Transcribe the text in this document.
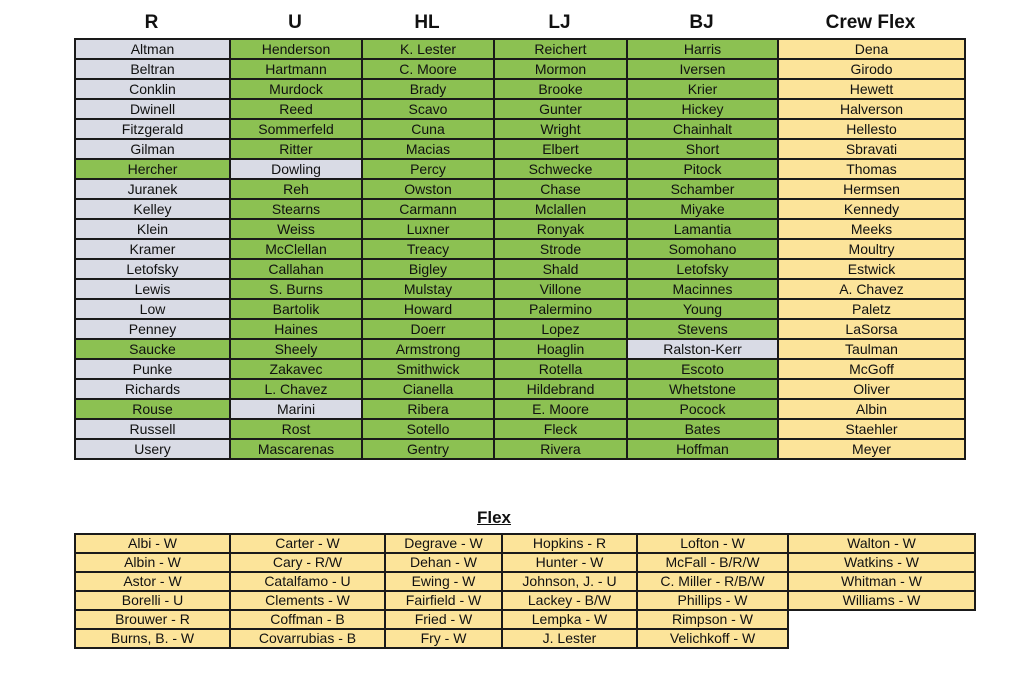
R	U	HL	LJ	BJ	Crew Flex
Altman	Henderson	K. Lester	Reichert	Harris	Dena
Beltran	Hartmann	C. Moore	Mormon	Iversen	Girodo
Conklin	Murdock	Brady	Brooke	Krier	Hewett
Dwinell	Reed	Scavo	Gunter	Hickey	Halverson
Fitzgerald	Sommerfeld	Cuna	Wright	Chainhalt	Hellesto
Gilman	Ritter	Macias	Elbert	Short	Sbravati
Hercher	Dowling	Percy	Schwecke	Pitock	Thomas
Juranek	Reh	Owston	Chase	Schamber	Hermsen
Kelley	Stearns	Carmann	Mclallen	Miyake	Kennedy
Klein	Weiss	Luxner	Ronyak	Lamantia	Meeks
Kramer	McClellan	Treacy	Strode	Somohano	Moultry
Letofsky	Callahan	Bigley	Shald	Letofsky	Estwick
Lewis	S. Burns	Mulstay	Villone	Macinnes	A. Chavez
Low	Bartolik	Howard	Palermino	Young	Paletz
Penney	Haines	Doerr	Lopez	Stevens	LaSorsa
Saucke	Sheely	Armstrong	Hoaglin	Ralston-Kerr	Taulman
Punke	Zakavec	Smithwick	Rotella	Escoto	McGoff
Richards	L. Chavez	Cianella	Hildebrand	Whetstone	Oliver
Rouse	Marini	Ribera	E. Moore	Pocock	Albin
Russell	Rost	Sotello	Fleck	Bates	Staehler
Usery	Mascarenas	Gentry	Rivera	Hoffman	Meyer
Flex
Albi - W	Carter - W	Degrave - W	Hopkins - R	Lofton - W	Walton - W
Albin - W	Cary - R/W	Dehan - W	Hunter - W	McFall - B/R/W	Watkins - W
Astor - W	Catalfamo - U	Ewing - W	Johnson, J. - U	C. Miller - R/B/W	Whitman - W
Borelli - U	Clements - W	Fairfield - W	Lackey - B/W	Phillips - W	Williams - W
Brouwer - R	Coffman - B	Fried - W	Lempka - W	Rimpson - W	
Burns, B. - W	Covarrubias - B	Fry - W	J. Lester	Velichkoff - W	
